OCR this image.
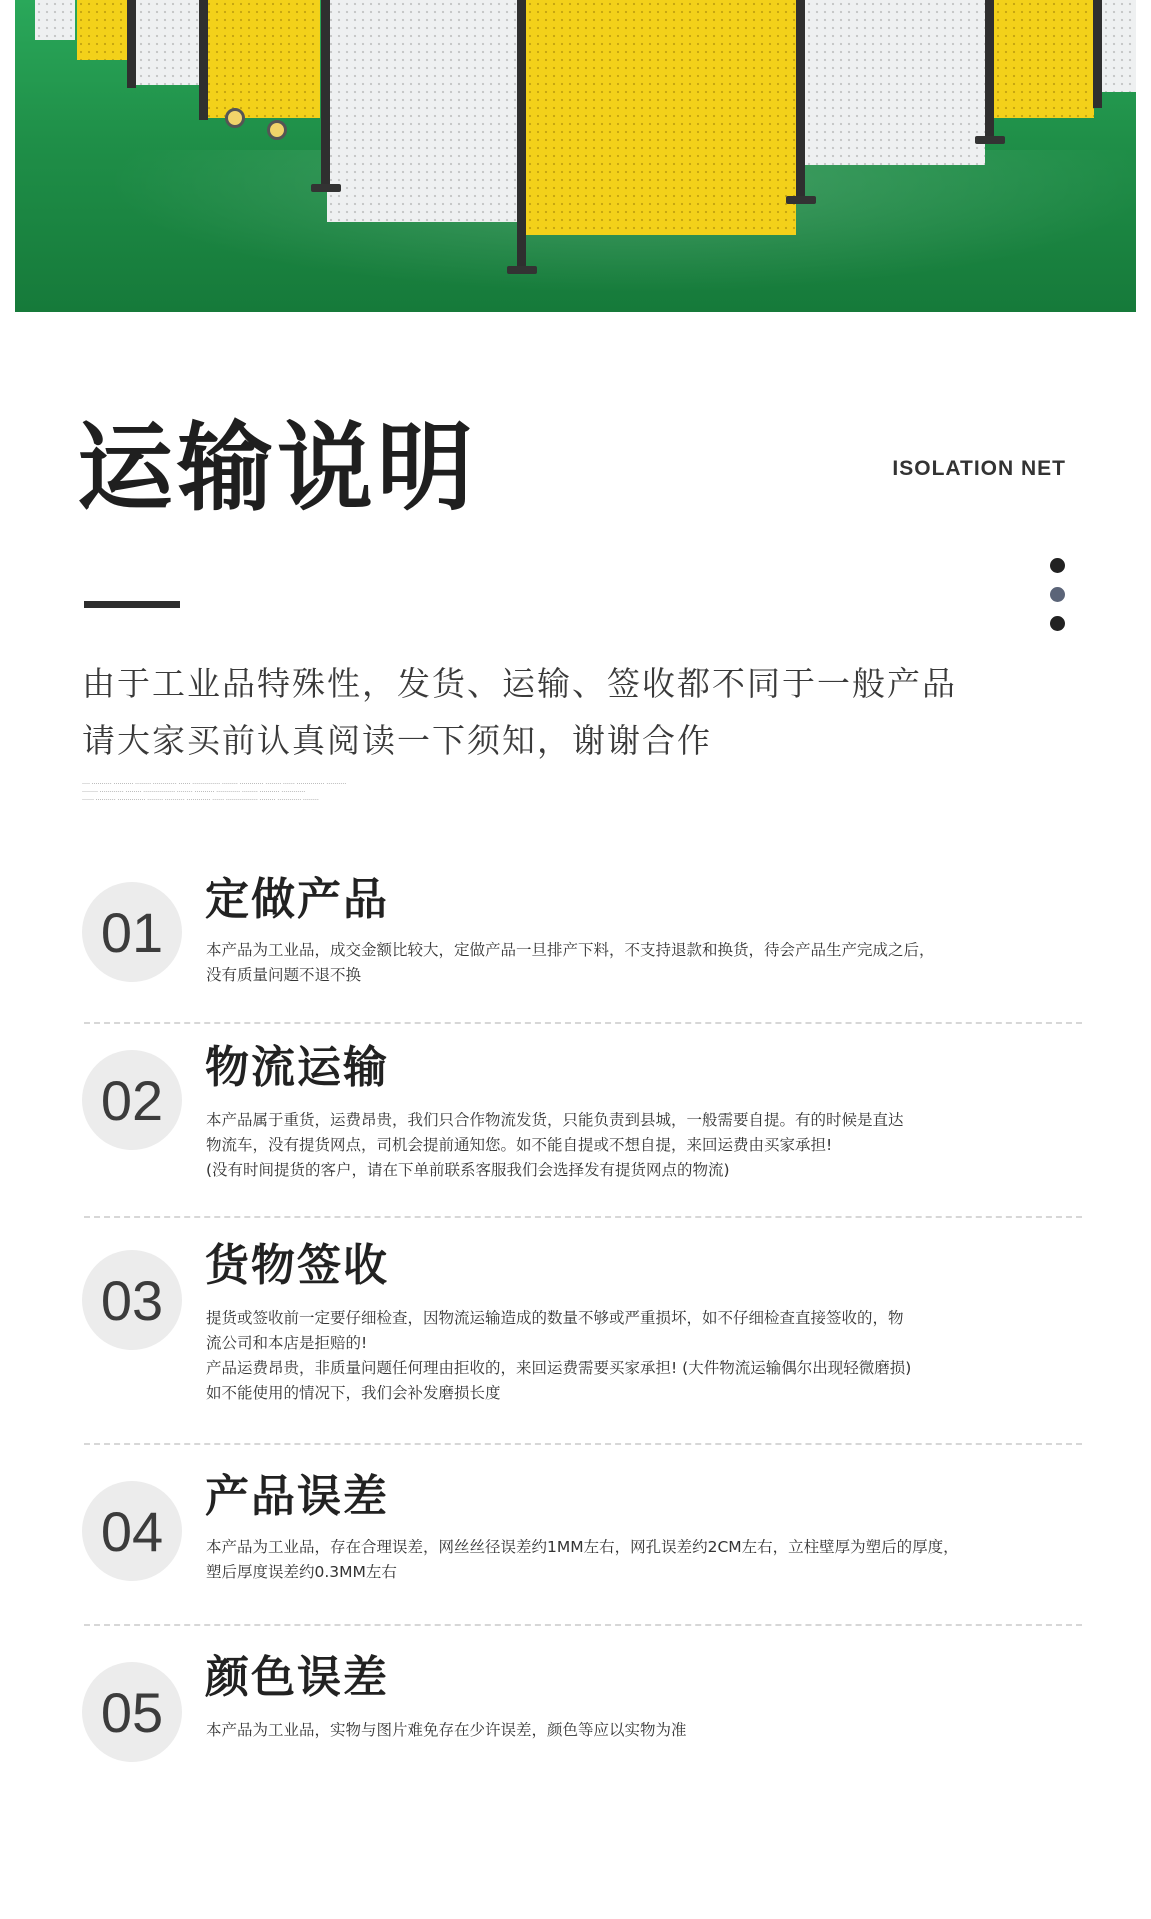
运输说明	ISOLATION NET
由于工业品特殊性，发货、运输、签收都不同于一般产品
请大家买前认真阅读一下须知，谢谢合作
‥‥ ‥‥‥‥‥ ‥‥‥‥‥ ‥‥‥‥ ‥‥‥‥‥‥ ‥‥‥ ‥‥‥‥‥‥‥ ‥‥‥‥ ‥‥‥‥‥‥ ‥‥‥‥ ‥‥‥ ‥‥‥‥‥‥‥ ‥‥‥‥‥
‥‥‥‥ ‥‥‥‥‥‥ ‥‥‥‥ ‥‥‥‥‥‥‥‥ ‥‥‥‥ ‥‥‥‥‥ ‥‥‥‥‥‥ ‥‥‥‥ ‥‥‥‥‥ ‥‥‥‥‥‥
‥‥‥ ‥‥‥‥‥ ‥‥‥‥‥‥‥ ‥‥‥‥ ‥‥‥‥‥ ‥‥‥‥‥‥ ‥‥‥ ‥‥‥‥‥‥‥‥ ‥‥‥‥ ‥‥‥‥‥‥ ‥‥‥‥
01
定做产品

本产品为工业品，成交金额比较大，定做产品一旦排产下料，不支持退款和换货，待会产品生产完成之后，

没有质量问题不退不换

02
物流运输

本产品属于重货，运费昂贵，我们只合作物流发货，只能负责到县城，一般需要自提。有的时候是直达

物流车，没有提货网点，司机会提前通知您。如不能自提或不想自提，来回运费由买家承担!

(没有时间提货的客户，请在下单前联系客服我们会选择发有提货网点的物流)

03
货物签收

提货或签收前一定要仔细检查，因物流运输造成的数量不够或严重损坏，如不仔细检查直接签收的，物

流公司和本店是拒赔的!

产品运费昂贵，非质量问题任何理由拒收的，来回运费需要买家承担! (大件物流运输偶尔出现轻微磨损)

如不能使用的情况下，我们会补发磨损长度

04
产品误差

本产品为工业品，存在合理误差，网丝丝径误差约1MM左右，网孔误差约2CM左右，立柱壁厚为塑后的厚度，

塑后厚度误差约0.3MM左右

05
颜色误差

本产品为工业品，实物与图片难免存在少许误差，颜色等应以实物为准
